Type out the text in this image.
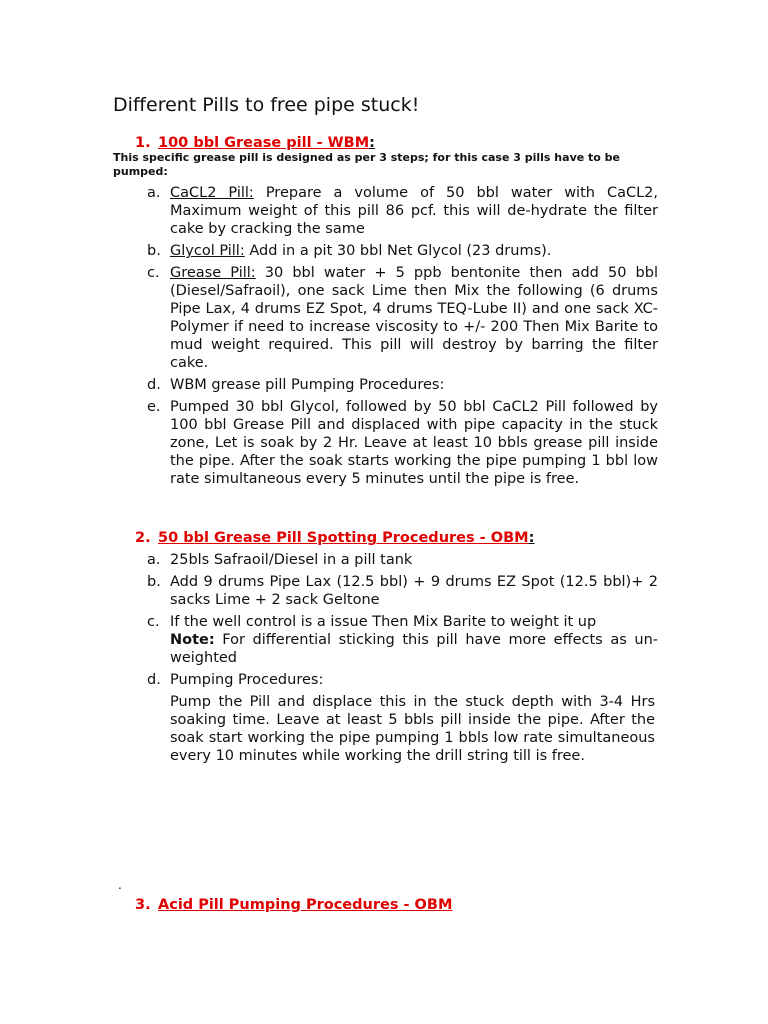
Different Pills to free pipe stuck!
1. 100 bbl Grease pill - WBM:
This specific grease pill is designed as per 3 steps; for this case 3 pills have to be pumped:
a. CaCL2 Pill: Prepare a volume of 50 bbl water with CaCL2, Maximum weight of this pill 86 pcf. this will de-hydrate the filter cake by cracking the same
b. Glycol Pill: Add in a pit 30 bbl Net Glycol (23 drums).
c. Grease Pill: 30 bbl water + 5 ppb bentonite then add 50 bbl (Diesel/Safraoil), one sack Lime then Mix the following (6 drums Pipe Lax, 4 drums EZ Spot, 4 drums TEQ-Lube II) and one sack XC-Polymer if need to increase viscosity to +/- 200 Then Mix Barite to mud weight required. This pill will destroy by barring the filter cake.
d. WBM grease pill Pumping Procedures:
e. Pumped 30 bbl Glycol, followed by 50 bbl CaCL2 Pill followed by 100 bbl Grease Pill and displaced with pipe capacity in the stuck zone, Let is soak by 2 Hr. Leave at least 10 bbls grease pill inside the pipe. After the soak starts working the pipe pumping 1 bbl low rate simultaneous every 5 minutes until the pipe is free.
2. 50 bbl Grease Pill Spotting Procedures - OBM:
a. 25bls Safraoil/Diesel in a pill tank
b. Add 9 drums Pipe Lax (12.5 bbl) + 9 drums EZ Spot (12.5 bbl)+ 2 sacks Lime + 2 sack Geltone
c. If the well control is a issue Then Mix Barite to weight it up
Note: For differential sticking this pill have more effects as un-weighted
d. Pumping Procedures:
Pump the Pill and displace this in the stuck depth with 3-4 Hrs soaking time. Leave at least 5 bbls pill inside the pipe. After the soak start working the pipe pumping 1 bbls low rate simultaneous every 10 minutes while working the drill string till is free.
.
3. Acid Pill Pumping Procedures - OBM
